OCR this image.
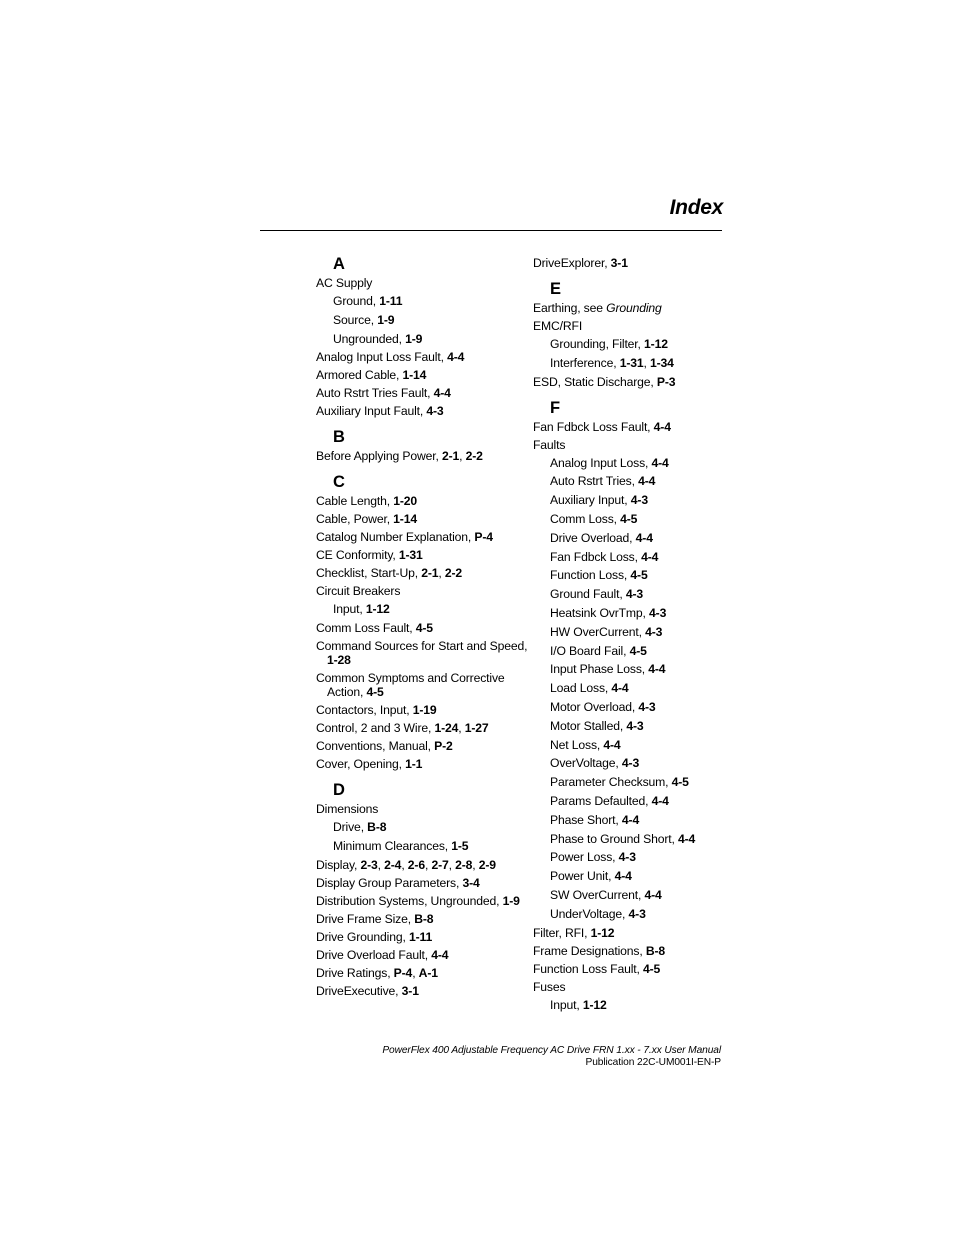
Index
A
AC Supply
Ground, 1-11
Source, 1-9
Ungrounded, 1-9
Analog Input Loss Fault, 4-4
Armored Cable, 1-14
Auto Rstrt Tries Fault, 4-4
Auxiliary Input Fault, 4-3
B
Before Applying Power, 2-1, 2-2
C
Cable Length, 1-20
Cable, Power, 1-14
Catalog Number Explanation, P-4
CE Conformity, 1-31
Checklist, Start-Up, 2-1, 2-2
Circuit Breakers
Input, 1-12
Comm Loss Fault, 4-5
Command Sources for Start and Speed, 1-28
Common Symptoms and Corrective Action, 4-5
Contactors, Input, 1-19
Control, 2 and 3 Wire, 1-24, 1-27
Conventions, Manual, P-2
Cover, Opening, 1-1
D
Dimensions
Drive, B-8
Minimum Clearances, 1-5
Display, 2-3, 2-4, 2-6, 2-7, 2-8, 2-9
Display Group Parameters, 3-4
Distribution Systems, Ungrounded, 1-9
Drive Frame Size, B-8
Drive Grounding, 1-11
Drive Overload Fault, 4-4
Drive Ratings, P-4, A-1
DriveExecutive, 3-1
DriveExplorer, 3-1
E
Earthing, see Grounding
EMC/RFI
Grounding, Filter, 1-12
Interference, 1-31, 1-34
ESD, Static Discharge, P-3
F
Fan Fdbck Loss Fault, 4-4
Faults
Analog Input Loss, 4-4
Auto Rstrt Tries, 4-4
Auxiliary Input, 4-3
Comm Loss, 4-5
Drive Overload, 4-4
Fan Fdbck Loss, 4-4
Function Loss, 4-5
Ground Fault, 4-3
Heatsink OvrTmp, 4-3
HW OverCurrent, 4-3
I/O Board Fail, 4-5
Input Phase Loss, 4-4
Load Loss, 4-4
Motor Overload, 4-3
Motor Stalled, 4-3
Net Loss, 4-4
OverVoltage, 4-3
Parameter Checksum, 4-5
Params Defaulted, 4-4
Phase Short, 4-4
Phase to Ground Short, 4-4
Power Loss, 4-3
Power Unit, 4-4
SW OverCurrent, 4-4
UnderVoltage, 4-3
Filter, RFI, 1-12
Frame Designations, B-8
Function Loss Fault, 4-5
Fuses
Input, 1-12
PowerFlex 400 Adjustable Frequency AC Drive FRN 1.xx - 7.xx User Manual
Publication 22C-UM001I-EN-P
